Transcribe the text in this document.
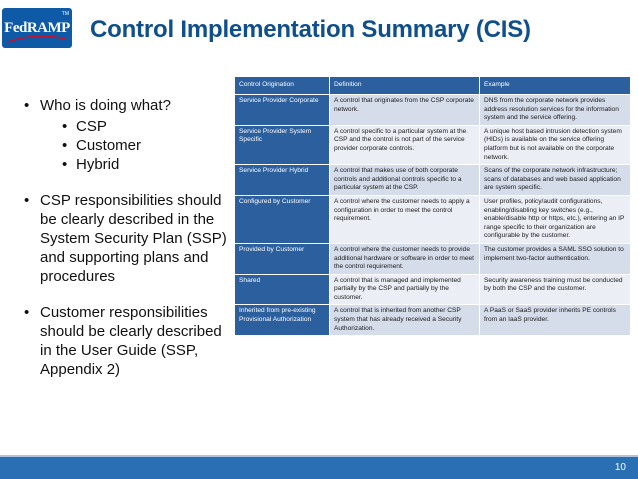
FedRAMP
TM
Control Implementation Summary (CIS)
• Who is doing what?
• CSP
• Customer
• Hybrid
• CSP responsibilities should be clearly described in the System Security Plan (SSP) and supporting plans and procedures
• Customer responsibilities should be clearly described in the User Guide (SSP, Appendix 2)
Control Origination	Definition	Example
Service Provider Corporate	A control that originates from the CSP corporate network.	DNS from the corporate network provides address resolution services for the information system and the service offering.
Service Provider System Specific	A control specific to a particular system at the CSP and the control is not part of the service provider corporate controls.	A unique host based intrusion detection system (HIDs) is available on the service offering platform but is not available on the corporate network.
Service Provider Hybrid	A control that makes use of both corporate controls and additional controls specific to a particular system at the CSP.	Scans of the corporate network infrastructure; scans of databases and web based application are system specific.
Configured by Customer	A control where the customer needs to apply a configuration in order to meet the control requirement.	User profiles, policy/audit configurations, enabling/disabling key switches (e.g., enable/disable http or https, etc.), entering an IP range specific to their organization are configurable by the customer.
Provided by Customer	A control where the customer needs to provide additional hardware or software in order to meet the control requirement.	The customer provides a SAML SSO solution to implement two-factor authentication.
Shared	A control that is managed and implemented partially by the CSP and partially by the customer.	Security awareness training must be conducted by both the CSP and the customer.
Inherited from pre-existing Provisional Authorization	A control that is inherited from another CSP system that has already received a Security Authorization.	A PaaS or SaaS provider inherits PE controls from an IaaS provider.
10
